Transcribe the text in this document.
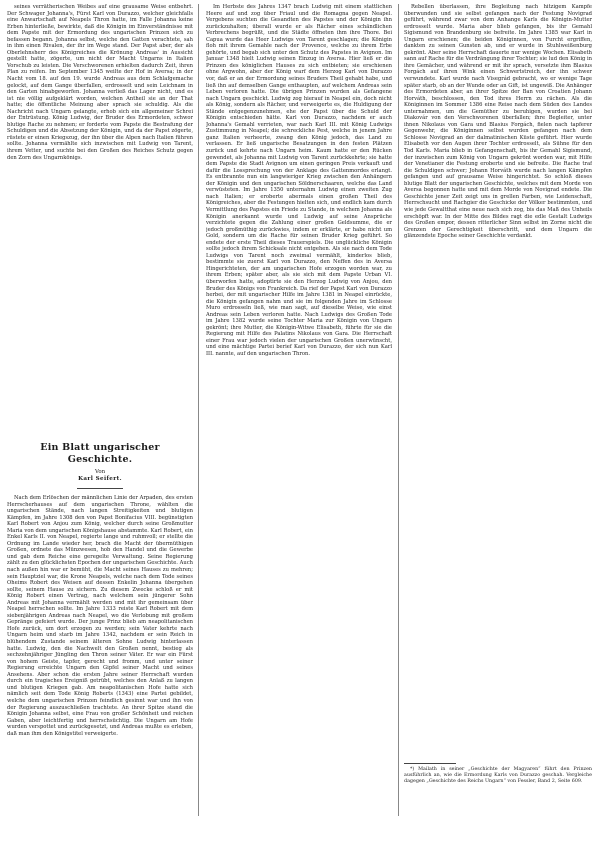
seines verrätherischen Weibes auf eine grausame Weise entbehrt. Der Schwager Johanna's, Fürst Karl von Durazzo, welcher gleichfalls eine Anwartschaft auf Neapels Thron hatte, im Falle Johanna keine Erben hinterließe, bewirkte, daß die Königin im Einverständnisse mit dem Papste mit der Ermordung des ungarischen Prinzen sich zu befassen begann. Johanna selbst, welche den Gatten verachtete, sah in ihm einen Rivalen, der ihr im Wege stand. Der Papst aber, der als Oberlehnsherr des Königreiches die Krönung Andreas' in Aussicht gestellt hatte, zögerte, um nicht der Macht Ungarns in Italien Vorschub zu leisten. Die Verschworenen erhielten dadurch Zeit, ihren Plan zu reifen. Im September 1345 weilte der Hof in Aversa; in der Nacht vom 18. auf den 19. wurde Andreas aus dem Schlafgemache gelockt, auf dem Gange überfallen, erdrosselt und sein Leichnam in den Garten hinabgeworfen. Johanna verließ das Lager nicht, und es ist nie völlig aufgeklärt worden, welchen Antheil sie an der That hatte; die öffentliche Meinung aber sprach sie schuldig. Als die Nachricht nach Ungarn gelangte, erhob sich ein allgemeiner Schrei der Entrüstung. König Ludwig, der Bruder des Ermordeten, schwor blutige Rache zu nehmen; er forderte vom Papste die Bestrafung der Schuldigen und die Absetzung der Königin, und da der Papst zögerte, rüstete er einen Kriegszug, der ihn über die Alpen nach Italien führen sollte. Johanna vermählte sich inzwischen mit Ludwig von Tarent, ihrem Vetter, und suchte bei den Großen des Reiches Schutz gegen den Zorn des Ungarnkönigs.

Ein Blatt ungarischer Geschichte.
Von
Karl Seifert.

Nach dem Erlöschen der männlichen Linie der Arpaden, des ersten Herrscherhauses auf dem ungarischen Throne, wählten die ungarischen Stände, nach langen Streitigkeiten und blutigen Kämpfen, im Jahre 1308 den von Papst Bonifacius VIII. begünstigten Karl Robert von Anjou zum König, welcher durch seine Großmutter Maria von dem ungarischen Königshause abstammte. Karl Robert, ein Enkel Karls II. von Neapel, regierte lange und ruhmvoll; er stellte die Ordnung im Lande wieder her, brach die Macht der übermüthigen Großen, ordnete das Münzwesen, hob den Handel und die Gewerbe und gab dem Reiche eine geregelte Verwaltung. Seine Regierung zählt zu den glücklichsten Epochen der ungarischen Geschichte. Auch nach außen hin war er bemüht, die Macht seines Hauses zu mehren; sein Hauptziel war, die Krone Neapels, welche nach dem Tode seines Oheims Robert des Weisen auf dessen Enkelin Johanna übergehen sollte, seinem Hause zu sichern. Zu diesem Zwecke schloß er mit König Robert einen Vertrag, nach welchem sein jüngerer Sohn Andreas mit Johanna vermählt werden und mit ihr gemeinsam über Neapel herrschen sollte. Im Jahre 1333 reiste Karl Robert mit dem siebenjährigen Andreas nach Neapel, wo die Verlobung mit großem Gepränge gefeiert wurde. Der junge Prinz blieb am neapolitanischen Hofe zurück, um dort erzogen zu werden; sein Vater kehrte nach Ungarn heim und starb im Jahre 1342, nachdem er sein Reich in blühendem Zustande seinem älteren Sohne Ludwig hinterlassen hatte. Ludwig, den die Nachwelt den Großen nennt, bestieg als sechzehnjähriger Jüngling den Thron seiner Väter. Er war ein Fürst von hohem Geiste, tapfer, gerecht und fromm, und unter seiner Regierung erreichte Ungarn den Gipfel seiner Macht und seines Ansehens. Aber schon die ersten Jahre seiner Herrschaft wurden durch ein tragisches Ereigniß getrübt, welches den Anlaß zu langen und blutigen Kriegen gab. Am neapolitanischen Hofe hatte sich nämlich seit dem Tode König Roberts (1343) eine Partei gebildet, welche dem ungarischen Prinzen feindlich gesinnt war und ihn von der Regierung auszuschließen trachtete. An ihrer Spitze stand die Königin Johanna selbst, eine Frau von großer Schönheit und reichen Gaben, aber leichtfertig und herrschsüchtig. Die Ungarn am Hofe wurden verspottet und zurückgesetzt, und Andreas mußte es erleben, daß man ihm den Königstitel verweigerte.

Im Herbste des Jahres 1347 brach Ludwig mit einem stattlichen Heere auf und zog über Friaul und die Romagna gegen Neapel. Vergebens suchten die Gesandten des Papstes und der Königin ihn zurückzuhalten; überall wurde er als Rächer eines schändlichen Verbrechens begrüßt, und die Städte öffneten ihm ihre Thore. Bei Capua wurde das Heer Ludwigs von Tarent geschlagen; die Königin floh mit ihrem Gemahle nach der Provence, welche zu ihrem Erbe gehörte, und begab sich unter den Schutz des Papstes in Avignon. Im Januar 1348 hielt Ludwig seinen Einzug in Aversa. Hier ließ er die Prinzen des königlichen Hauses zu sich entbieten; sie erschienen ohne Argwohn, aber der König warf dem Herzog Karl von Durazzo vor, daß er an der Ermordung seines Bruders Theil gehabt habe, und ließ ihn auf demselben Gange enthaupten, auf welchem Andreas sein Leben verloren hatte. Die übrigen Prinzen wurden als Gefangene nach Ungarn geschickt. Ludwig zog hierauf in Neapel ein, doch nicht als König, sondern als Rächer, und verweigerte es, die Huldigung der Stände entgegenzunehmen, ehe der Papst über die Schuld der Königin entschieden hätte. Karl von Durazzo, nachdem er auch Johanna's Gemahl verrieten, war nach Karl III. mit König Ludwigs Zustimmung in Neapel; die schreckliche Pest, welche in jenem Jahre ganz Italien verheerte, zwang den König jedoch, das Land zu verlassen. Er ließ ungarische Besatzungen in den festen Plätzen zurück und kehrte nach Ungarn heim. Kaum hatte er den Rücken gewendet, als Johanna mit Ludwig von Tarent zurückkehrte; sie hatte dem Papste die Stadt Avignon um einen geringen Preis verkauft und dafür die Lossprechung von der Anklage des Gattenmordes erlangt. Es entbrannte nun ein langwieriger Krieg zwischen den Anhängern der Königin und den ungarischen Söldnerschaaren, welche das Land verwüsteten. Im Jahre 1350 unternahm Ludwig einen zweiten Zug nach Italien; er eroberte abermals einen großen Theil des Königreiches, aber die Festungen hielten sich, und endlich kam durch Vermittlung des Papstes ein Friede zu Stande, in welchem Johanna als Königin anerkannt wurde und Ludwig auf seine Ansprüche verzichtete gegen die Zahlung einer großen Geldsumme, die er jedoch großmüthig zurückwies, indem er erklärte, er habe nicht um Gold, sondern um die Rache für seinen Bruder Krieg geführt. So endete der erste Theil dieses Trauerspiels. Die unglückliche Königin sollte jedoch ihrem Schicksale nicht entgehen. Als sie nach dem Tode Ludwigs von Tarent noch zweimal vermählt, kinderlos blieb, bestimmte sie zuerst Karl von Durazzo, den Neffen des in Aversa Hingerichteten, der am ungarischen Hofe erzogen worden war, zu ihrem Erben; später aber, als sie sich mit dem Papste Urban VI. überworfen hatte, adoptirte sie den Herzog Ludwig von Anjou, den Bruder des Königs von Frankreich. Da rief der Papst Karl von Durazzo herbei, der mit ungarischer Hilfe im Jahre 1381 in Neapel einrückte, die Königin gefangen nahm und sie im folgenden Jahre im Schlosse Muro erdrosseln ließ, wie man sagt, auf dieselbe Weise, wie einst Andreas sein Leben verloren hatte. Nach Ludwigs des Großen Tode im Jahre 1382 wurde seine Tochter Maria zur Königin von Ungarn gekrönt; ihre Mutter, die Königin-Witwe Elisabeth, führte für sie die Regierung mit Hilfe des Palatins Nikolaus von Gara. Die Herrschaft einer Frau war jedoch vielen der ungarischen Großen unerwünscht, und eine mächtige Partei berief Karl von Durazzo, der sich nun Karl III. nannte, auf den ungarischen Thron.

Rebellen überlassen, ihre Begleitung nach hitzigem Kampfe überwunden und sie selbst gefangen nach der Festung Novigrad geführt, während zwar von dem Anhange Karls die Königin-Mutter erdrosselt wurde. Maria aber blieb gefangen, bis ihr Gemahl Sigismund von Brandenburg sie befreite. Im Jahre 1385 war Karl in Ungarn erschienen; die beiden Königinnen, von Furcht ergriffen, dankten zu seinen Gunsten ab, und er wurde in Stuhlweißenburg gekrönt. Aber seine Herrschaft dauerte nur wenige Wochen. Elisabeth sann auf Rache für die Verdrängung ihrer Tochter; sie lud den König in ihre Gemächer, und während er mit ihr sprach, versetzte ihm Blasius Forgách auf ihren Wink einen Schwertstreich, der ihn schwer verwundete. Karl wurde nach Visegrád gebracht, wo er wenige Tage später starb, ob an der Wunde oder an Gift, ist ungewiß. Die Anhänger des Ermordeten aber, an ihrer Spitze der Ban von Croatien Johann Horváth, beschlossen, den Tod ihres Herrn zu rächen. Als die Königinnen im Sommer 1386 eine Reise nach dem Süden des Landes unternahmen, um die Gemüther zu beruhigen, wurden sie bei Diakovár von den Verschworenen überfallen; ihre Begleiter, unter ihnen Nikolaus von Gara und Blasius Forgách, fielen nach tapferer Gegenwehr, die Königinnen selbst wurden gefangen nach dem Schlosse Novigrad an der dalmatinischen Küste geführt. Hier wurde Elisabeth vor den Augen ihrer Tochter erdrosselt, als Sühne für den Tod Karls. Maria blieb in Gefangenschaft, bis ihr Gemahl Sigismund, der inzwischen zum König von Ungarn gekrönt worden war, mit Hilfe der Venetianer die Festung eroberte und sie befreite. Die Rache traf die Schuldigen schwer; Johann Horváth wurde nach langen Kämpfen gefangen und auf grausame Weise hingerichtet. So schloß dieses blutige Blatt der ungarischen Geschichte, welches mit dem Morde von Aversa begonnen hatte und mit dem Morde von Novigrad endete. Die Geschichte jener Zeit zeigt uns in grellen Farben, wie Leidenschaft, Herrschsucht und Rachgier die Geschicke der Völker bestimmten, und wie jede Gewaltthat eine neue nach sich zog, bis das Maß des Unheils erschöpft war. In der Mitte des Bildes ragt die edle Gestalt Ludwigs des Großen empor, dessen ritterlicher Sinn selbst im Zorne nicht die Grenzen der Gerechtigkeit überschritt, und dem Ungarn die glänzendste Epoche seiner Geschichte verdankt.

*) Mailath in seiner „Geschichte der Magyaren“ führt den Prinzen ausführlich an, wie die Ermordung Karls von Durazzo geschah. Vergleiche dagegen „Geschichte des Reichs Ungarn“ von Fessler, Band 2, Seite 609.
